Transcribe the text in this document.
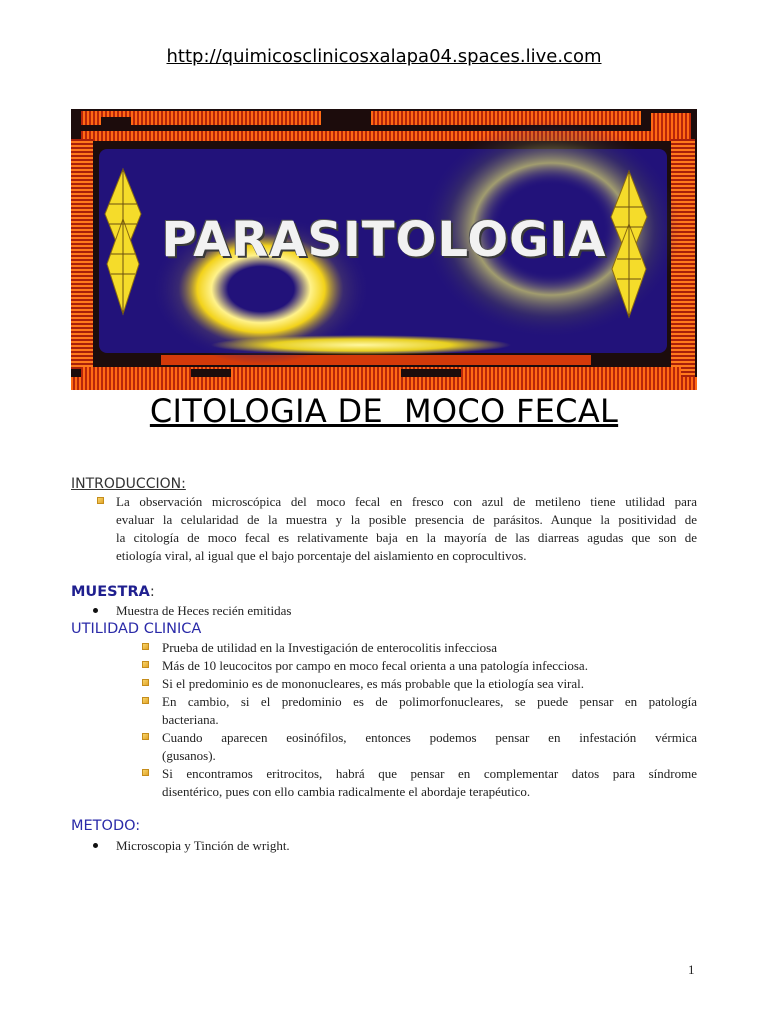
http://quimicosclinicosxalapa04.spaces.live.com
PARASITOLOGIA
CITOLOGIA DE  MOCO FECAL
INTRODUCCION:
La observación microscópica del moco fecal en fresco con azul de metileno tiene utilidad para
evaluar la celularidad de la muestra y la posible presencia de parásitos. Aunque la positividad de
la citología de moco fecal es relativamente baja en la mayoría de las diarreas agudas que son de
etiología viral, al igual que el bajo porcentaje del aislamiento en coprocultivos.
MUESTRA:
Muestra de Heces recién emitidas
UTILIDAD CLINICA
Prueba de utilidad en la Investigación de enterocolitis infecciosa
Más de 10 leucocitos por campo en moco fecal orienta a una patología infecciosa.
Si el predominio es de mononucleares, es más probable que la etiología sea viral.
En cambio, si el predominio es de polimorfonucleares, se puede pensar en patología
bacteriana.
Cuando aparecen eosinófilos, entonces podemos pensar en infestación vérmica
(gusanos).
Si encontramos eritrocitos, habrá que pensar en complementar datos para síndrome
disentérico, pues con ello cambia radicalmente el abordaje terapéutico.
METODO:
Microscopia y Tinción de wright.
1
